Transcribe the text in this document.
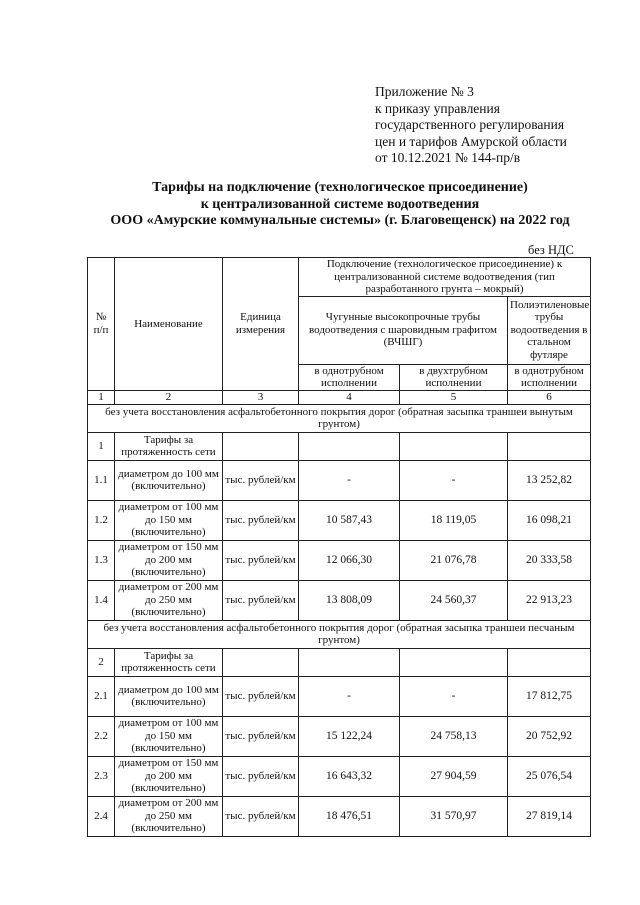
Приложение № 3
к приказу управления
государственного регулирования
цен и тарифов Амурской области
от 10.12.2021 № 144-пр/в
Тарифы на подключение (технологическое присоединение)
к централизованной системе водоотведения
ООО «Амурские коммунальные системы» (г. Благовещенск) на 2022 год
без НДС
№ п/п	Наименование	Единица измерения	Подключение (технологическое присоединение) к централизованной системе водоотведения (тип разработанного грунта – мокрый)		
			Чугунные высокопрочные трубы водоотведения с шаровидным графитом (ВЧШГ)		Полиэтиленовые трубы водоотведения в стальном футляре
			в однотрубном исполнении	в двухтрубном исполнении	в однотрубном исполнении
1	2	3	4	5	6
без учета восстановления асфальтобетонного покрытия дорог (обратная засыпка траншеи вынутым грунтом)					
1	Тарифы за протяженность сети				
1.1	диаметром до 100 мм (включительно)	тыс. рублей/км	-	-	13 252,82
1.2	диаметром от 100 мм до 150 мм (включительно)	тыс. рублей/км	10 587,43	18 119,05	16 098,21
1.3	диаметром от 150 мм до 200 мм (включительно)	тыс. рублей/км	12 066,30	21 076,78	20 333,58
1.4	диаметром от 200 мм до 250 мм (включительно)	тыс. рублей/км	13 808,09	24 560,37	22 913,23
без учета восстановления асфальтобетонного покрытия дорог (обратная засыпка траншеи песчаным грунтом)					
2	Тарифы за протяженность сети				
2.1	диаметром до 100 мм (включительно)	тыс. рублей/км	-	-	17 812,75
2.2	диаметром от 100 мм до 150 мм (включительно)	тыс. рублей/км	15 122,24	24 758,13	20 752,92
2.3	диаметром от 150 мм до 200 мм (включительно)	тыс. рублей/км	16 643,32	27 904,59	25 076,54
2.4	диаметром от 200 мм до 250 мм (включительно)	тыс. рублей/км	18 476,51	31 570,97	27 819,14
